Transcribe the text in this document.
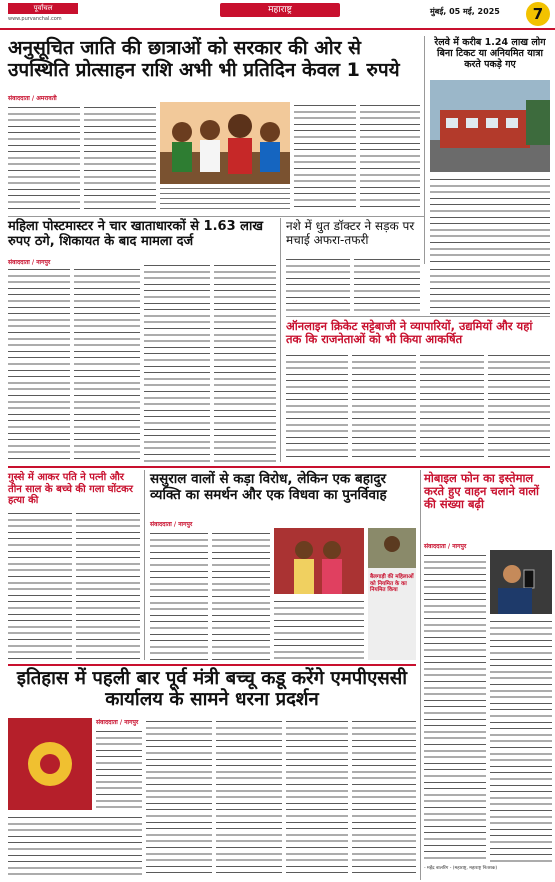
पूर्वांचल
www.purvanchal.com
महाराष्ट्र	मुंबई, 05 मई, 2025	7
अनुसूचित जाति की छात्राओं को सरकार की ओर से उपस्थिति प्रोत्साहन राशि अभी भी प्रतिदिन केवल 1 रुपये
संवाददाता / अमरावती
रेलवे में करीब 1.24 लाख लोग बिना टिकट या अनियमित यात्रा करते पकड़े गए
महिला पोस्टमास्टर ने चार खाताधारकों से 1.63 लाख रुपए ठगे, शिकायत के बाद मामला दर्ज
संवाददाता / नागपुर
नशे में धुत डॉक्टर ने सड़क पर मचाई अफरा-तफरी
ऑनलाइन क्रिकेट सट्टेबाजी ने व्यापारियों, उद्यमियों और यहां तक कि राजनेताओं को भी किया आकर्षित
गुस्से में आकर पति ने पत्नी और तीन साल के बच्चे की गला घोंटकर हत्या की
ससुराल वालों से कड़ा विरोध, लेकिन एक बहादुर व्यक्ति का समर्थन और एक विधवा का पुनर्विवाह
संवाददाता / नागपुर
बैलगाड़ी की महिलाओं को नियमित के का नियमित किया
मोबाइल फोन का इस्तेमाल करते हुए वाहन चलाने वालों की संख्या बढ़ी
संवाददाता / नागपुर
- महेंद्र बालरिंग - (महाराष्ट्र, महाराष्ट्र नितशक)
इतिहास में पहली बार पूर्व मंत्री बच्चू कडू करेंगे एमपीएससी कार्यालय के सामने धरना प्रदर्शन
संवाददाता / नागपुर
